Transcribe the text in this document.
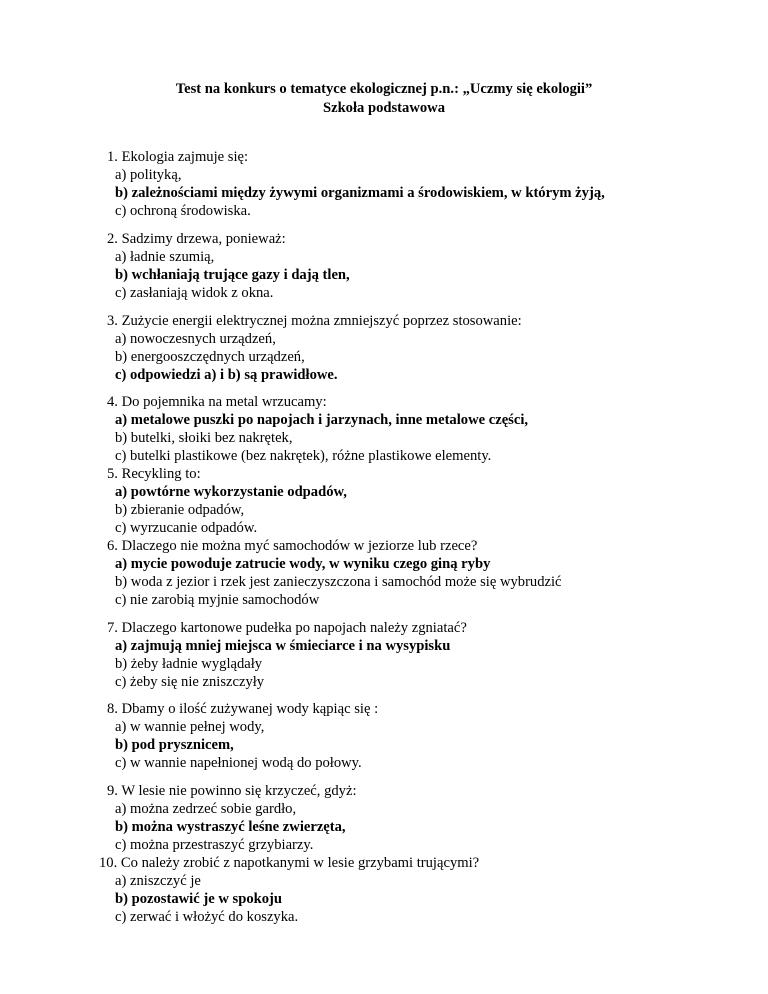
Test na konkurs o tematyce ekologicznej p.n.: „Uczmy się ekologii”
Szkoła podstawowa
1. Ekologia zajmuje się:
a) polityką,
b) zależnościami między żywymi organizmami a środowiskiem, w którym żyją,
c) ochroną środowiska.
2. Sadzimy drzewa, ponieważ:
a) ładnie szumią,
b) wchłaniają trujące gazy i dają tlen,
c) zasłaniają widok z okna.
3. Zużycie energii elektrycznej można zmniejszyć poprzez stosowanie:
a) nowoczesnych urządzeń,
b) energooszczędnych urządzeń,
c) odpowiedzi a) i b) są prawidłowe.
4. Do pojemnika na metal wrzucamy:
a) metalowe puszki po napojach i jarzynach, inne metalowe części,
b) butelki, słoiki bez nakrętek,
c) butelki plastikowe (bez nakrętek), różne plastikowe elementy.
5. Recykling to:
a) powtórne wykorzystanie odpadów,
b) zbieranie odpadów,
c) wyrzucanie odpadów.
6. Dlaczego nie można myć samochodów w jeziorze lub rzece?
a) mycie powoduje zatrucie wody, w wyniku czego giną ryby
b) woda z jezior i rzek jest zanieczyszczona i samochód może się wybrudzić
c) nie zarobią myjnie samochodów
7. Dlaczego kartonowe pudełka po napojach należy zgniatać?
a) zajmują mniej miejsca w śmieciarce i na wysypisku
b) żeby ładnie wyglądały
c) żeby się nie zniszczyły
8. Dbamy o ilość zużywanej wody kąpiąc się :
a) w wannie pełnej wody,
b) pod prysznicem,
c) w wannie napełnionej wodą do połowy.
9. W lesie nie powinno się krzyczeć, gdyż:
a) można zedrzeć sobie gardło,
b) można wystraszyć leśne zwierzęta,
c) można przestraszyć grzybiarzy.
10. Co należy zrobić z napotkanymi w lesie grzybami trującymi?
a) zniszczyć je
b) pozostawić je w spokoju
c) zerwać i włożyć do koszyka.
